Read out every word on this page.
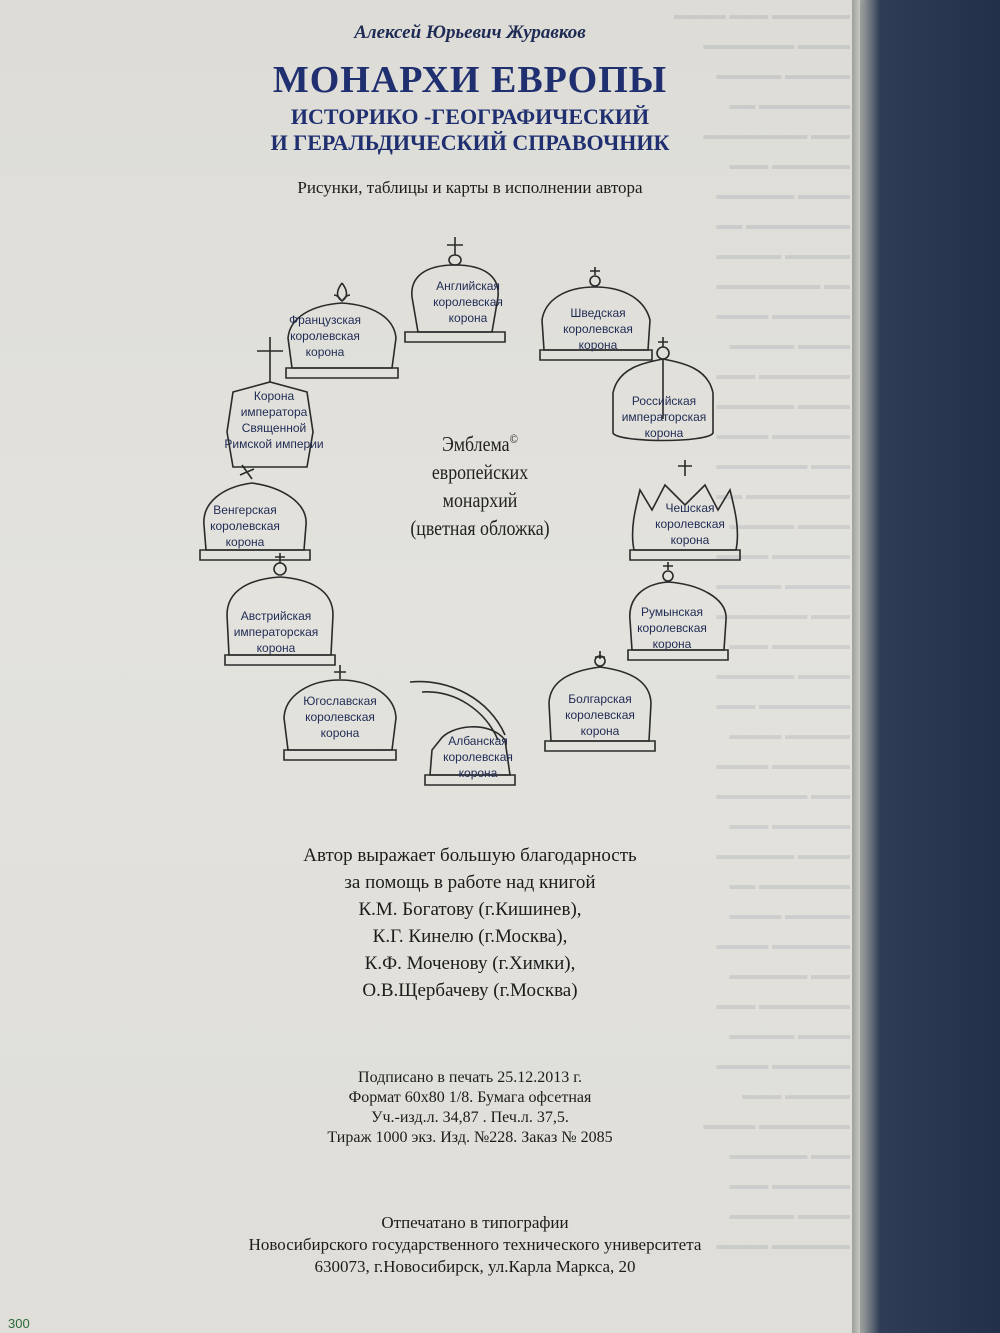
▬▬▬▬▬▬ ▬▬▬ ▬▬▬▬
▬▬▬▬ ▬▬▬▬▬▬▬
▬▬▬▬▬ ▬▬▬▬▬
▬▬▬▬▬▬▬ ▬▬
▬▬▬ ▬▬▬▬▬▬▬▬
▬▬▬▬▬▬ ▬▬▬
▬▬▬▬ ▬▬▬▬▬▬
▬▬▬▬▬▬▬▬ ▬▬
▬▬▬▬▬ ▬▬▬▬▬
▬▬ ▬▬▬▬▬▬▬▬
▬▬▬▬▬▬ ▬▬▬▬
▬▬▬▬ ▬▬▬▬▬
▬▬▬▬▬▬▬ ▬▬▬
▬▬▬▬ ▬▬▬▬▬▬
▬▬▬▬▬▬ ▬▬▬▬
▬▬▬ ▬▬▬▬▬▬▬
▬▬▬▬▬▬▬▬ ▬▬
▬▬▬▬ ▬▬▬▬▬
▬▬▬▬▬▬ ▬▬▬▬
▬▬▬▬▬ ▬▬▬▬▬
▬▬▬ ▬▬▬▬▬▬▬
▬▬▬▬▬▬ ▬▬▬
▬▬▬▬ ▬▬▬▬▬▬
▬▬▬▬▬▬▬ ▬▬▬
▬▬▬▬▬ ▬▬▬▬
▬▬▬▬▬▬ ▬▬▬▬
▬▬▬ ▬▬▬▬▬▬▬
▬▬▬▬▬▬ ▬▬▬
▬▬▬▬ ▬▬▬▬▬▬
▬▬▬▬▬▬▬ ▬▬
▬▬▬▬▬ ▬▬▬▬
▬▬▬▬▬▬ ▬▬▬▬
▬▬▬ ▬▬▬▬▬▬
▬▬▬▬▬▬▬ ▬▬▬
▬▬▬▬ ▬▬▬▬▬
▬▬▬▬▬▬ ▬▬▬▬
▬▬▬▬▬ ▬▬▬
▬▬▬▬▬▬▬ ▬▬▬▬
▬▬▬ ▬▬▬▬▬▬
▬▬▬▬▬▬ ▬▬▬
▬▬▬▬ ▬▬▬▬▬
▬▬▬▬▬▬ ▬▬▬▬
Алексей Юрьевич Журавков
МОНАРХИ ЕВРОПЫ
ИСТОРИКО -ГЕОГРАФИЧЕСКИЙ
И ГЕРАЛЬДИЧЕСКИЙ СПРАВОЧНИК
Рисунки, таблицы и карты в исполнении автора
Английская
королевская
корона	Шведская
королевская
корона
Российская
императорская
корона
Чешская
королевская
корона
Румынская
королевская
корона
Болгарская
королевская
корона
Албанская
королевская
корона
Югославская
королевская
корона
Австрийская
императорская
корона
Венгерская
королевская
корона
Корона
императора
Священной
Римской империи
Французская
королевская
корона
Эмблема©
европейских
монархий
(цветная обложка)
Автор выражает большую благодарность
за помощь в работе над книгой
К.М. Богатову (г.Кишинев),
К.Г. Кинелю (г.Москва),
К.Ф. Моченову (г.Химки),
О.В.Щербачеву (г.Москва)
Подписано в печать 25.12.2013 г.
Формат 60x80 1/8. Бумага офсетная
Уч.-изд.л. 34,87 . Печ.л. 37,5.
Тираж 1000 экз. Изд. №228. Заказ № 2085
Отпечатано в типографии
Новосибирского государственного технического университета
630073, г.Новосибирск, ул.Карла Маркса, 20
300
